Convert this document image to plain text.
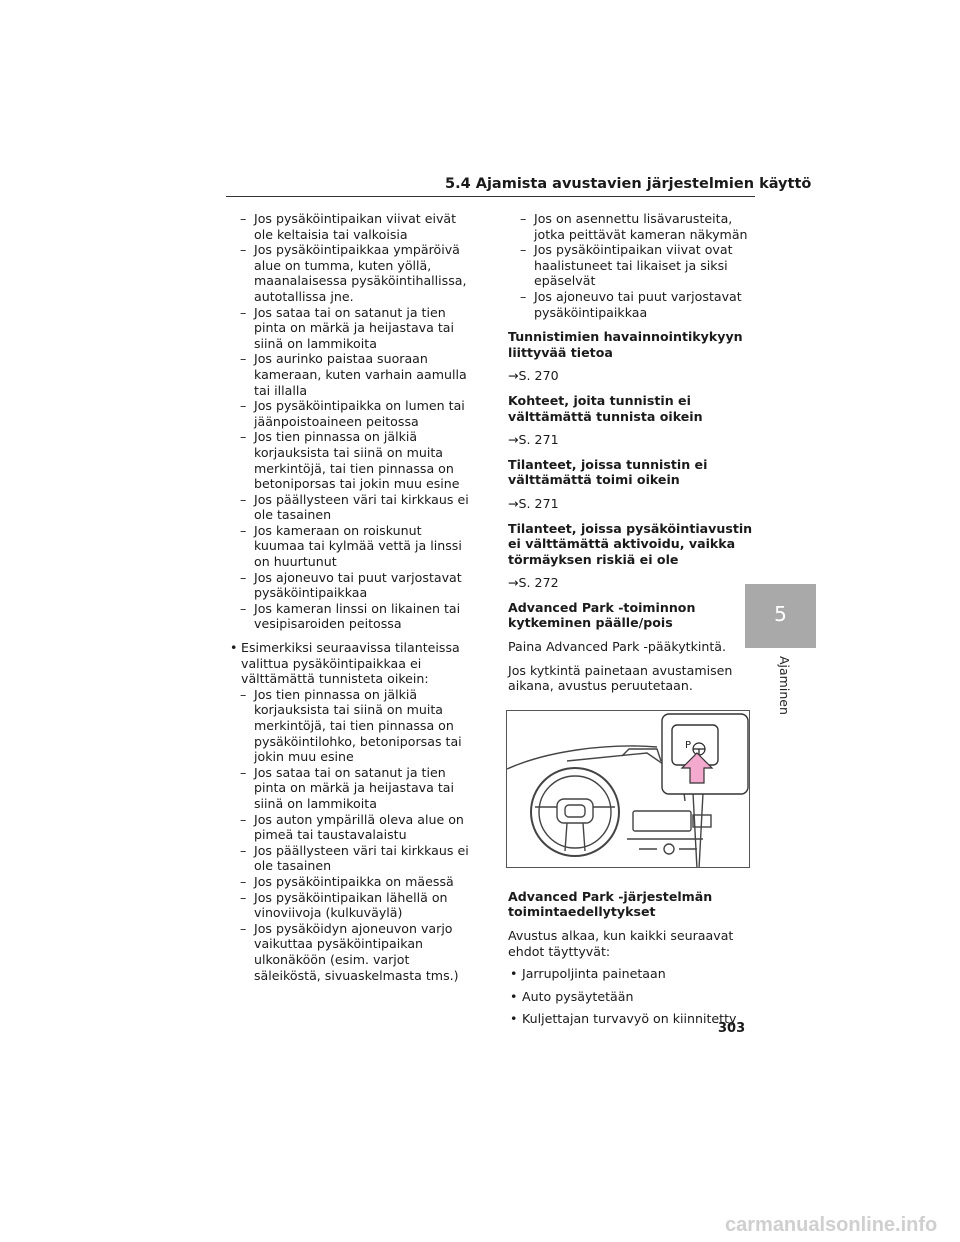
5.4 Ajamista avustavien järjestelmien käyttö
– Jos pysäköintipaikan viivat eivät ole keltaisia tai valkoisia
– Jos pysäköintipaikkaa ympäröivä alue on tumma, kuten yöllä, maanalaisessa pysäköintihallissa, autotallissa jne.
– Jos sataa tai on satanut ja tien pinta on märkä ja heijastava tai siinä on lammikoita
– Jos aurinko paistaa suoraan kameraan, kuten varhain aamulla tai illalla
– Jos pysäköintipaikka on lumen tai jäänpoistoaineen peitossa
– Jos tien pinnassa on jälkiä korjauksista tai siinä on muita merkintöjä, tai tien pinnassa on betoniporsas tai jokin muu esine
– Jos päällysteen väri tai kirkkaus ei ole tasainen
– Jos kameraan on roiskunut kuumaa tai kylmää vettä ja linssi on huurtunut
– Jos ajoneuvo tai puut varjostavat pysäköintipaikkaa
– Jos kameran linssi on likainen tai vesipisaroiden peitossa
• Esimerkiksi seuraavissa tilanteissa valittua pysäköintipaikkaa ei välttämättä tunnisteta oikein:
– Jos tien pinnassa on jälkiä korjauksista tai siinä on muita merkintöjä, tai tien pinnassa on pysäköintilohko, betoniporsas tai jokin muu esine
– Jos sataa tai on satanut ja tien pinta on märkä ja heijastava tai siinä on lammikoita
– Jos auton ympärillä oleva alue on pimeä tai taustavalaistu
– Jos päällysteen väri tai kirkkaus ei ole tasainen
– Jos pysäköintipaikka on mäessä
– Jos pysäköintipaikan lähellä on vinoviivoja (kulkuväylä)
– Jos pysäköidyn ajoneuvon varjo vaikuttaa pysäköintipaikan ulkonäköön (esim. varjot säleiköstä, sivuaskelmasta tms.)
– Jos on asennettu lisävarusteita, jotka peittävät kameran näkymän
– Jos pysäköintipaikan viivat ovat haalistuneet tai likaiset ja siksi epäselvät
– Jos ajoneuvo tai puut varjostavat pysäköintipaikkaa
Tunnistimien havainnointikykyyn liittyvää tietoa
→S. 270
Kohteet, joita tunnistin ei välttämättä tunnista oikein
→S. 271
Tilanteet, joissa tunnistin ei välttämättä toimi oikein
→S. 271
Tilanteet, joissa pysäköintiavustin ei välttämättä aktivoidu, vaikka törmäyksen riskiä ei ole
→S. 272
Advanced Park -toiminnon kytkeminen päälle/pois
Paina Advanced Park -pääkytkintä.
Jos kytkintä painetaan avustamisen aikana, avustus peruutetaan.
Advanced Park -järjestelmän toimintaedellytykset
Avustus alkaa, kun kaikki seuraavat ehdot täyttyvät:
• Jarrupoljinta painetaan
• Auto pysäytetään
• Kuljettajan turvavyö on kiinnitetty
P
5
Ajaminen
303
carmanualsonline.info
